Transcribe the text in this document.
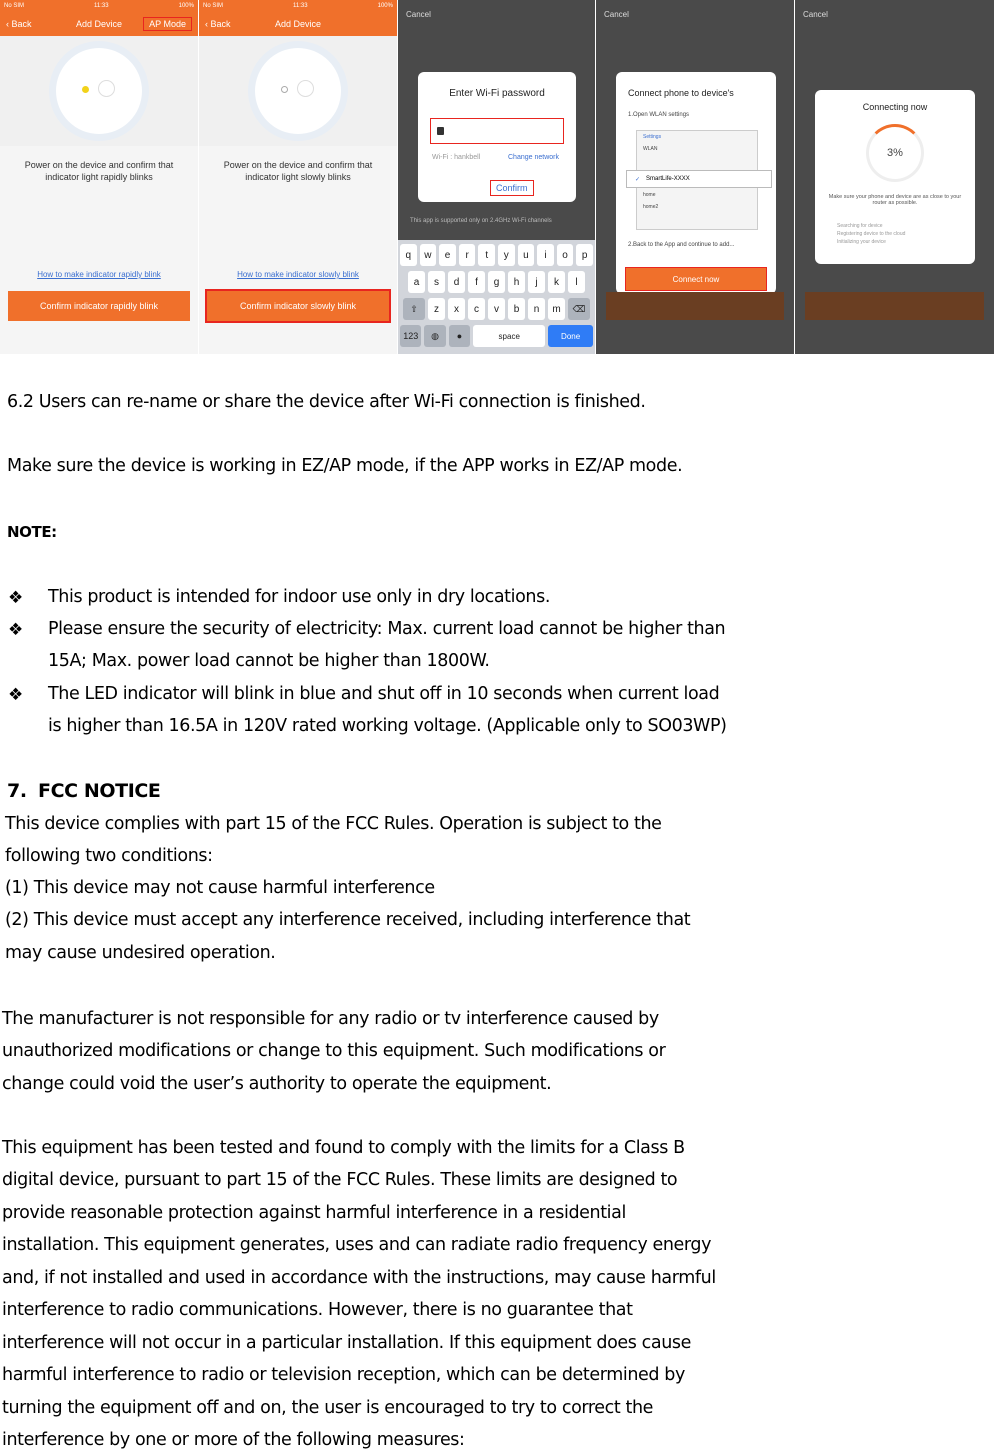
No SIM	11:33	100%
‹ Back	Add Device	AP Mode
Power on the device and confirm that indicator light rapidly blinks
How to make indicator rapidly blink
Confirm indicator rapidly blink
No SIM	11:33	100%
‹ Back	Add Device
Power on the device and confirm that indicator light slowly blinks
How to make indicator slowly blink
Confirm indicator slowly blink
Cancel
Enter Wi-Fi password
Wi-Fi : hankbell	Change network
Confirm
This app is supported only on 2.4GHz Wi-Fi channels
q	w	e	r	t	y	u	i	o	p
a	s	d	f	g	h	j	k	l
⇧	z	x	c	v	b	n	m	⌫
123	◍	●	space	Done
Cancel
Connect phone to device's
1.Open WLAN settings
Settings
WLAN
home
home2
✓ SmartLife-XXXX
2.Back to the App and continue to add...
Connect now
Cancel
Connecting now
3%
Make sure your phone and device are as close to your router as possible.
Searching for device
Registering device to the cloud
Initializing your device
6.2 Users can re-name or share the device after Wi-Fi connection is finished.
Make sure the device is working in EZ/AP mode, if the APP works in EZ/AP mode.
NOTE:
❖ This product is intended for indoor use only in dry locations.
❖ Please ensure the security of electricity: Max. current load cannot be higher than
15A; Max. power load cannot be higher than 1800W.
❖ The LED indicator will blink in blue and shut off in 10 seconds when current load
is higher than 16.5A in 120V rated working voltage. (Applicable only to SO03WP)
7. FCC NOTICE
This device complies with part 15 of the FCC Rules. Operation is subject to the
following two conditions:
(1) This device may not cause harmful interference
(2) This device must accept any interference received, including interference that
may cause undesired operation.
The manufacturer is not responsible for any radio or tv interference caused by
unauthorized modifications or change to this equipment. Such modifications or
change could void the user’s authority to operate the equipment.
This equipment has been tested and found to comply with the limits for a Class B
digital device, pursuant to part 15 of the FCC Rules. These limits are designed to
provide reasonable protection against harmful interference in a residential
installation. This equipment generates, uses and can radiate radio frequency energy
and, if not installed and used in accordance with the instructions, may cause harmful
interference to radio communications. However, there is no guarantee that
interference will not occur in a particular installation. If this equipment does cause
harmful interference to radio or television reception, which can be determined by
turning the equipment off and on, the user is encouraged to try to correct the
interference by one or more of the following measures:
